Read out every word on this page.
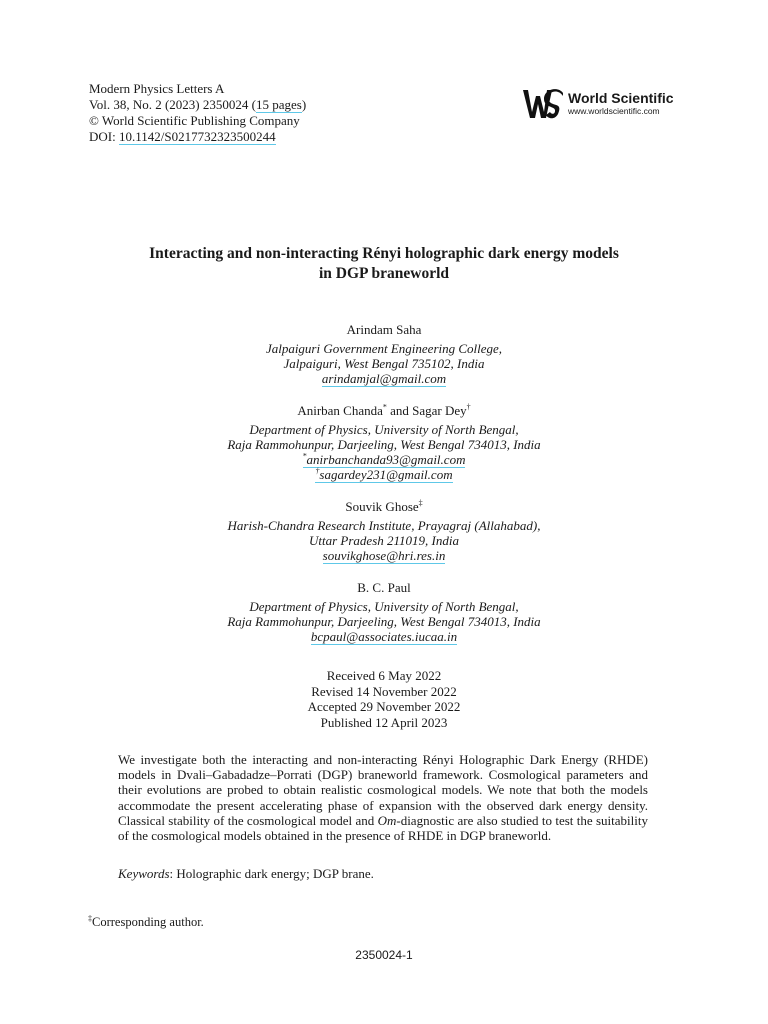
Modern Physics Letters A
Vol. 38, No. 2 (2023) 2350024 (15 pages)
© World Scientific Publishing Company
DOI: 10.1142/S0217732323500244
World Scientific
www.worldscientific.com
Interacting and non-interacting Rényi holographic dark energy models
in DGP braneworld
Arindam Saha
Jalpaiguri Government Engineering College,
Jalpaiguri, West Bengal 735102, India
arindamjal@gmail.com
Anirban Chanda* and Sagar Dey†
Department of Physics, University of North Bengal,
Raja Rammohunpur, Darjeeling, West Bengal 734013, India
*anirbanchanda93@gmail.com
†sagardey231@gmail.com
Souvik Ghose‡
Harish-Chandra Research Institute, Prayagraj (Allahabad),
Uttar Pradesh 211019, India
souvikghose@hri.res.in
B. C. Paul
Department of Physics, University of North Bengal,
Raja Rammohunpur, Darjeeling, West Bengal 734013, India
bcpaul@associates.iucaa.in
Received 6 May 2022
Revised 14 November 2022
Accepted 29 November 2022
Published 12 April 2023
We investigate both the interacting and non-interacting Rényi Holographic Dark Energy (RHDE) models in Dvali–Gabadadze–Porrati (DGP) braneworld framework. Cosmological parameters and their evolutions are probed to obtain realistic cosmological models. We note that both the models accommodate the present accelerating phase of expansion with the observed dark energy density. Classical stability of the cosmological model and Om-diagnostic are also studied to test the suitability of the cosmological models obtained in the presence of RHDE in DGP braneworld.
Keywords: Holographic dark energy; DGP brane.
‡Corresponding author.
2350024-1
